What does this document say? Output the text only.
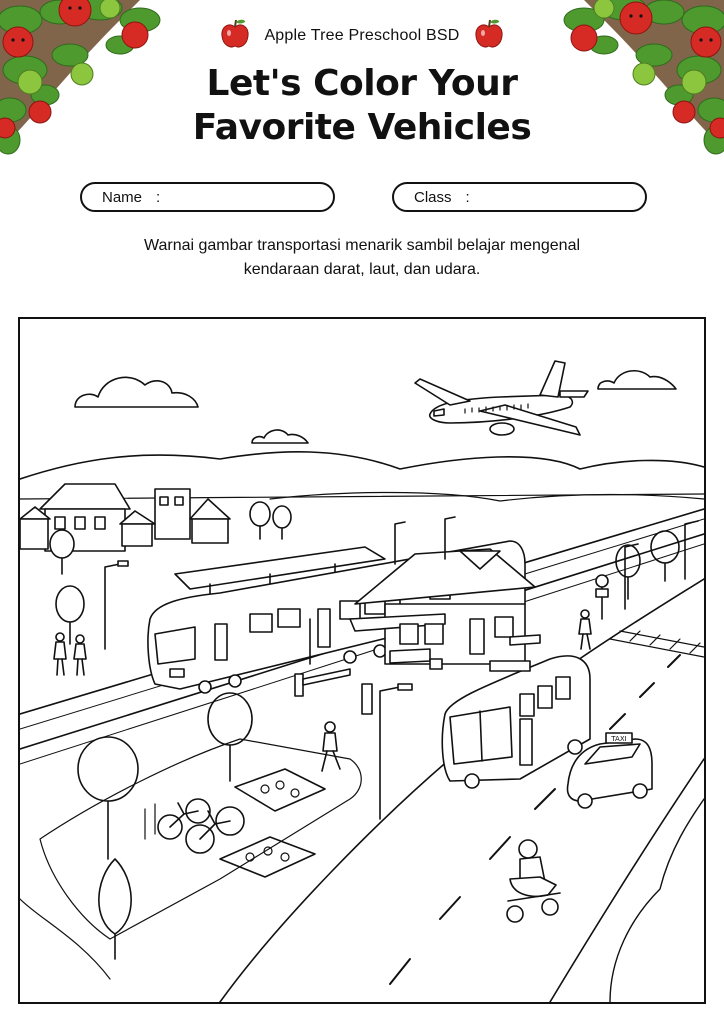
Apple Tree Preschool BSD
Let's Color Your
Favorite Vehicles
Name :	Class :
Warnai gambar transportasi menarik sambil belajar mengenal
kendaraan darat, laut, dan udara.
TAXI
